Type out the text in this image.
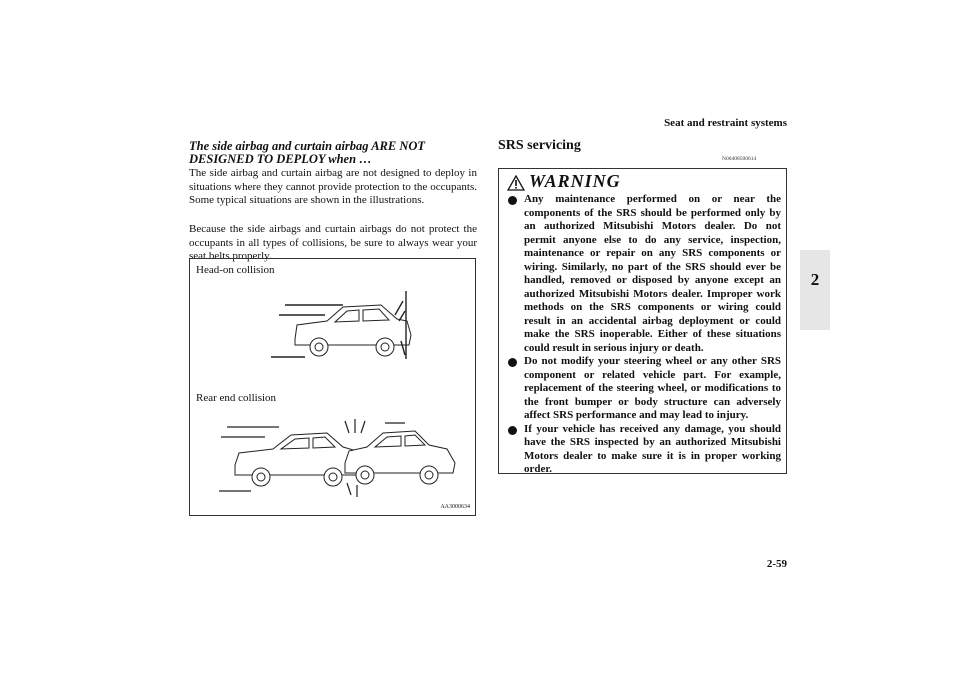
Seat and restraint systems
2
The side airbag and curtain airbag ARE NOT DESIGNED TO DEPLOY when …
The side airbag and curtain airbag are not designed to deploy in situations where they cannot provide protection to the occupants. Some typical situations are shown in the illustrations.
Because the side airbags and curtain airbags do not protect the occupants in all types of collisions, be sure to always wear your seat belts properly.
Head-on collision
Rear end collision
AA3000634
SRS servicing
N00408500614
WARNING
Any maintenance performed on or near the components of the SRS should be performed only by an authorized Mitsubishi Motors dealer. Do not permit anyone else to do any service, inspection, maintenance or repair on any SRS components or wiring. Similarly, no part of the SRS should ever be handled, removed or disposed by anyone except an authorized Mitsubishi Motors dealer. Improper work methods on the SRS components or wiring could result in an accidental airbag deployment or could make the SRS inoperable. Either of these situations could result in serious injury or death.
Do not modify your steering wheel or any other SRS component or related vehicle part. For example, replacement of the steering wheel, or modifications to the front bumper or body structure can adversely affect SRS performance and may lead to injury.
If your vehicle has received any damage, you should have the SRS inspected by an authorized Mitsubishi Motors dealer to make sure it is in proper working order.
2-59
